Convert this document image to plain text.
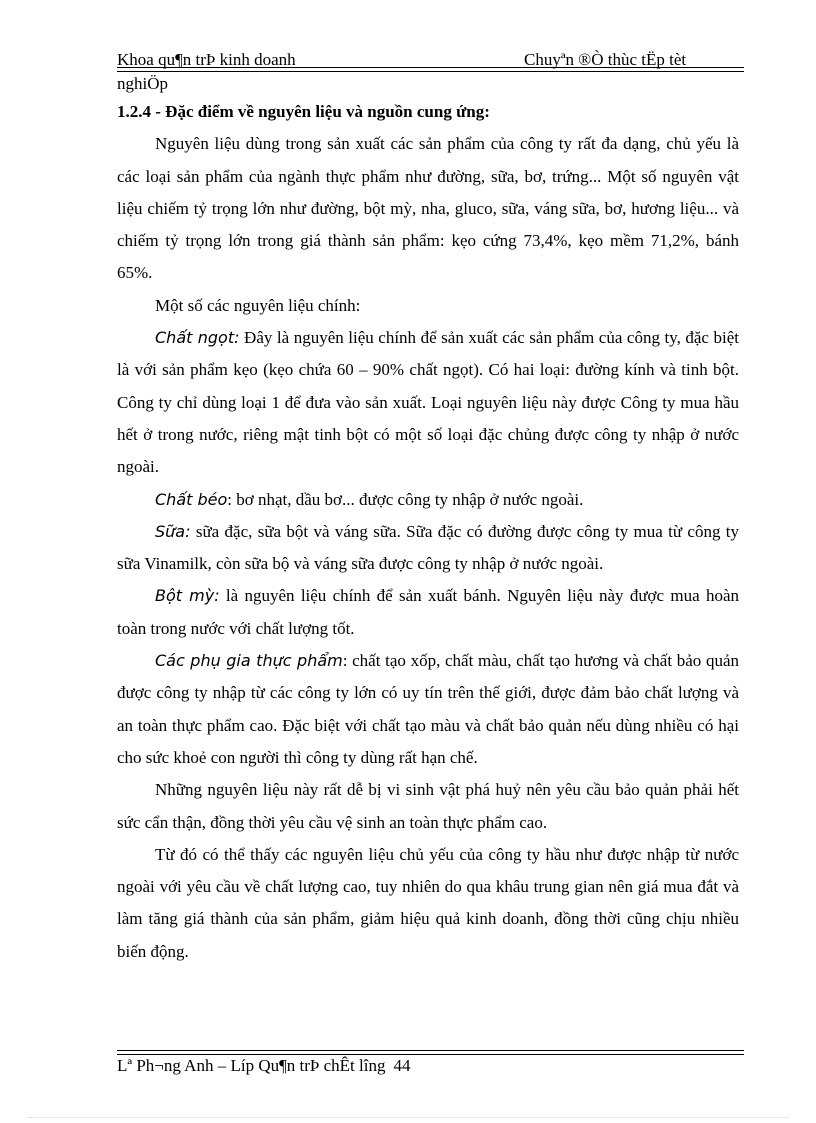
Khoa qu¶n trÞ kinh doanh	Chuyªn ®Ò thùc tËp tèt
nghiÖp

1.2.4 - Đặc điểm về nguyên liệu và nguồn cung ứng:

Nguyên liệu dùng trong sản xuất các sản phẩm của công ty rất đa dạng, chủ yếu là các loại sản phẩm của ngành thực phẩm như đường, sữa, bơ, trứng... Một số nguyên vật liệu chiếm tỷ trọng lớn như đường, bột mỳ, nha, gluco, sữa, váng sữa, bơ, hương liệu... và chiếm tỷ trọng lớn trong giá thành sản phẩm: kẹo cứng 73,4%, kẹo mềm 71,2%, bánh 65%.

Một số các nguyên liệu chính:

Chất ngọt: Đây là nguyên liệu chính để sản xuất các sản phẩm của công ty, đặc biệt là với sản phẩm kẹo (kẹo chứa 60 – 90% chất ngọt). Có hai loại: đường kính và tinh bột. Công ty chỉ dùng loại 1 để đưa vào sản xuất. Loại nguyên liệu này được Công ty mua hầu hết ở trong nước, riêng mật tinh bột có một số loại đặc chủng được công ty nhập ở nước ngoài.

Chất béo: bơ nhạt, dầu bơ... được công ty nhập ở nước ngoài.

Sữa: sữa đặc, sữa bột và váng sữa. Sữa đặc có đường được công ty mua từ công ty sữa Vinamilk, còn sữa bộ và váng sữa được công ty nhập ở nước ngoài.

Bột mỳ: là nguyên liệu chính để sản xuất bánh. Nguyên liệu này được mua hoàn toàn trong nước với chất lượng tốt.

Các phụ gia thực phẩm: chất tạo xốp, chất màu, chất tạo hương và chất bảo quản được công ty nhập từ các công ty lớn có uy tín trên thế giới, được đảm bảo chất lượng và an toàn thực phẩm cao. Đặc biệt với chất tạo màu và chất bảo quản nếu dùng nhiều có hại cho sức khoẻ con người thì công ty dùng rất hạn chế.

Những nguyên liệu này rất dễ bị vi sinh vật phá huỷ nên yêu cầu bảo quản phải hết sức cẩn thận, đồng thời yêu cầu vệ sinh an toàn thực phẩm cao.

Từ đó có thể thấy các nguyên liệu chủ yếu của công ty hầu như được nhập từ nước ngoài với yêu cầu về chất lượng cao, tuy nhiên do qua khâu trung gian nên giá mua đắt và làm tăng giá thành của sản phẩm, giảm hiệu quả kinh doanh, đồng thời cũng chịu nhiều biến động.

Lª Ph¬ng Anh – Líp Qu¶n trÞ chÊt lîng 44
